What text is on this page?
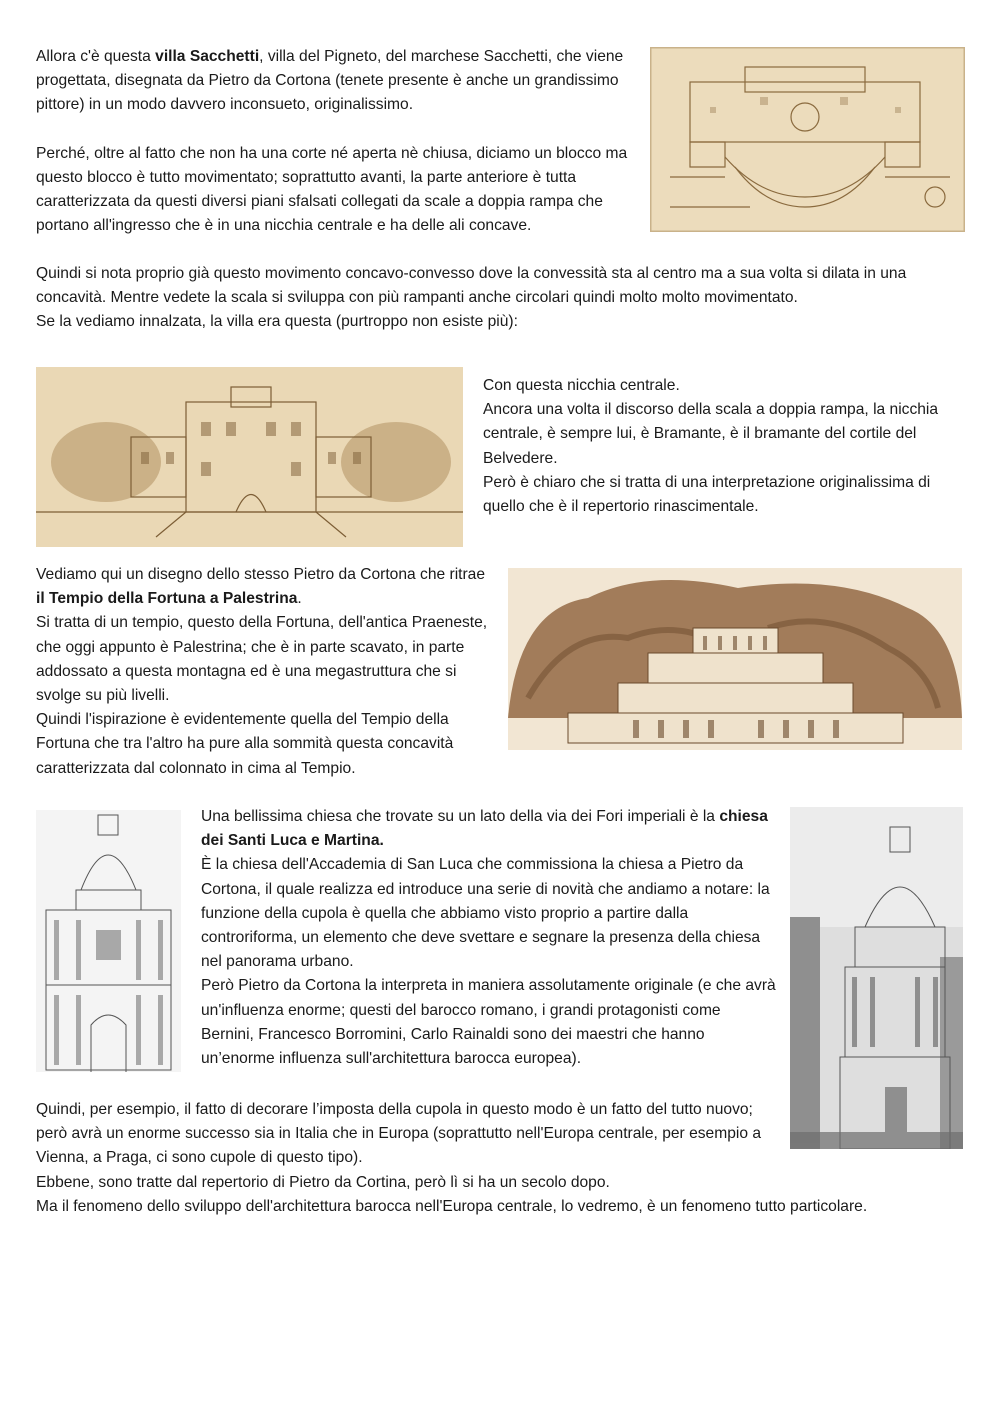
Allora c'è questa villa Sacchetti, villa del Pigneto, del marchese Sacchetti, che viene progettata, disegnata da Pietro da Cortona (tenete presente è anche un grandissimo pittore) in un modo davvero inconsueto, originalissimo.

Perché, oltre al fatto che non ha una corte né aperta nè chiusa, diciamo un blocco ma questo blocco è tutto movimentato; soprattutto avanti, la parte anteriore è tutta caratterizzata da questi diversi piani sfalsati collegati da scale a doppia rampa che portano all'ingresso che è in una nicchia centrale e ha delle ali concave.

Quindi si nota proprio già questo movimento concavo-convesso dove la convessità sta al centro ma a sua volta si dilata in una concavità. Mentre vedete la scala si sviluppa con più rampanti anche circolari quindi molto molto movimentato.

Se la vediamo innalzata, la villa era questa (purtroppo non esiste più):

Con questa nicchia centrale.

Ancora una volta il discorso della scala a doppia rampa, la nicchia centrale, è sempre lui, è Bramante, è il bramante del cortile del Belvedere.

Però è chiaro che si tratta di una interpretazione originalissima di quello che è il repertorio rinascimentale.

Vediamo qui un disegno dello stesso Pietro da Cortona che ritrae il Tempio della Fortuna a Palestrina.

Si tratta di un tempio, questo della Fortuna, dell'antica Praeneste, che oggi appunto è Palestrina; che è in parte scavato, in parte addossato a questa montagna ed è una megastruttura che si svolge su più livelli.

Quindi l'ispirazione è evidentemente quella del Tempio della Fortuna che tra l'altro ha pure alla sommità questa concavità caratterizzata dal colonnato in cima al Tempio.

Una bellissima chiesa che trovate su un lato della via dei Fori imperiali è la chiesa dei Santi Luca e Martina.

È la chiesa dell'Accademia di San Luca che commissiona la chiesa a Pietro da Cortona, il quale realizza ed introduce una serie di novità che andiamo a notare: la funzione della cupola è quella che abbiamo visto proprio a partire dalla controriforma, un elemento che deve svettare e segnare la presenza della chiesa nel panorama urbano.

Però Pietro da Cortona la interpreta in maniera assolutamente originale (e che avrà un'influenza enorme; questi del barocco romano, i grandi protagonisti come Bernini, Francesco Borromini, Carlo Rainaldi sono dei maestri che hanno un’enorme influenza sull'architettura barocca europea).

Quindi, per esempio, il fatto di decorare l’imposta della cupola in questo modo è un fatto del tutto nuovo; però avrà un enorme successo sia in Italia che in Europa (soprattutto nell'Europa centrale, per esempio a Vienna, a Praga, ci sono cupole di questo tipo).

Ebbene, sono tratte dal repertorio di Pietro da Cortina, però lì si ha un secolo dopo.

Ma il fenomeno dello sviluppo dell'architettura barocca nell'Europa centrale, lo vedremo, è un fenomeno tutto particolare.
